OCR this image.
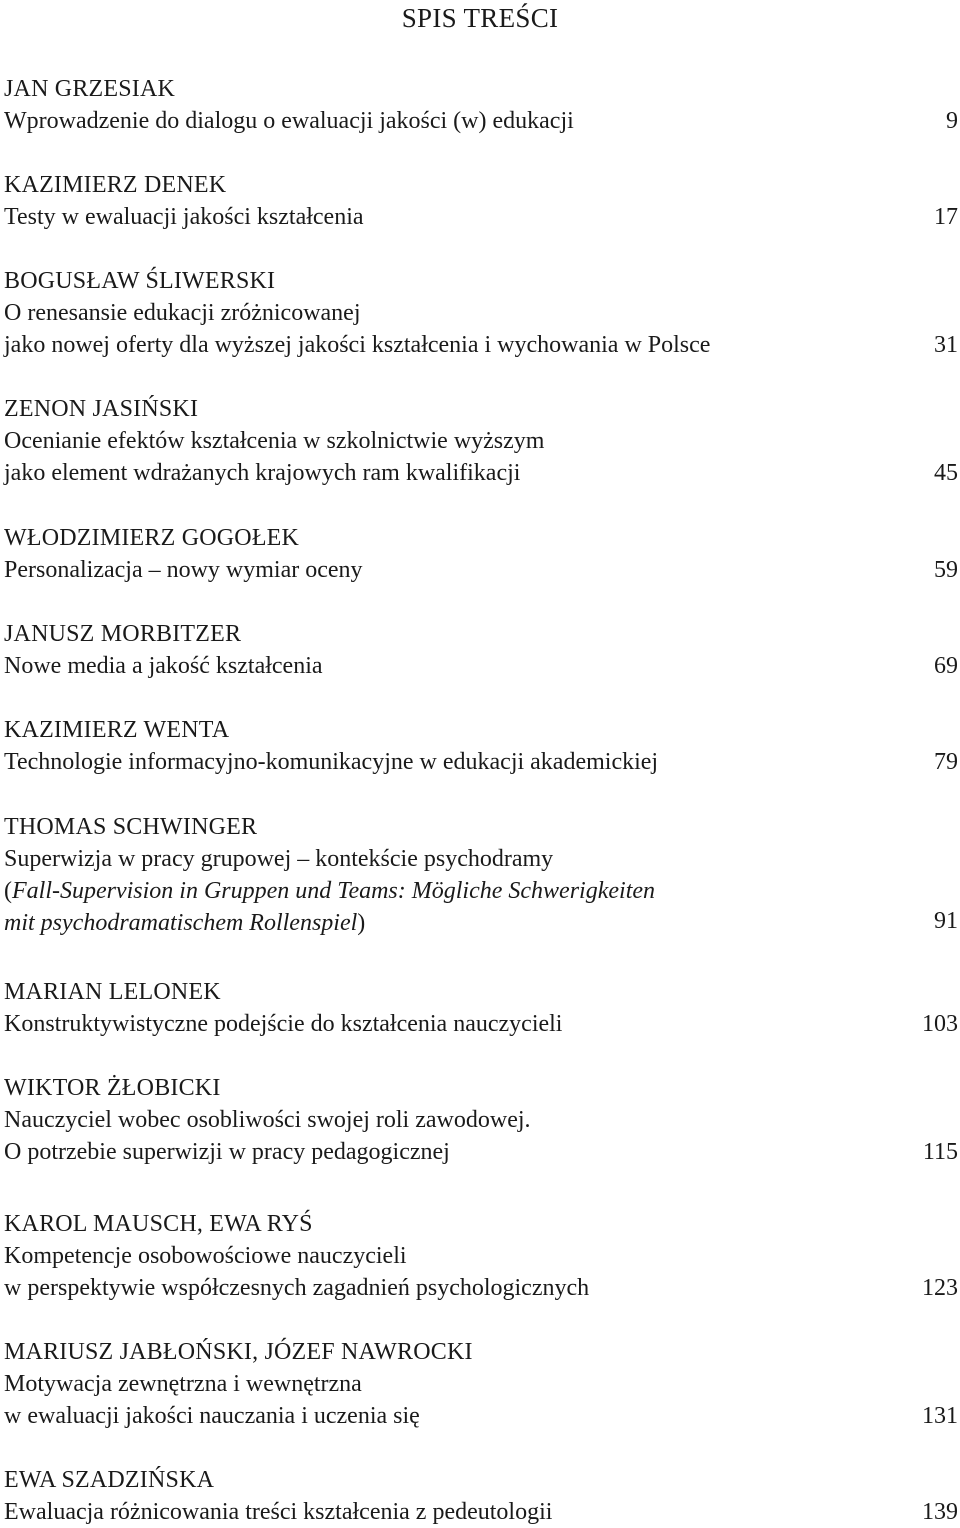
SPIS TREŚCI
JAN GRZESIAK
Wprowadzenie do dialogu o ewaluacji jakości (w) edukacji	9
KAZIMIERZ DENEK
Testy w ewaluacji jakości kształcenia	17
BOGUSŁAW ŚLIWERSKI
O renesansie edukacji zróżnicowanej
jako nowej oferty dla wyższej jakości kształcenia i wychowania w Polsce	31
ZENON JASIŃSKI
Ocenianie efektów kształcenia w szkolnictwie wyższym
jako element wdrażanych krajowych ram kwalifikacji	45
WŁODZIMIERZ GOGOŁEK
Personalizacja – nowy wymiar oceny	59
JANUSZ MORBITZER
Nowe media a jakość kształcenia	69
KAZIMIERZ WENTA
Technologie informacyjno-komunikacyjne w edukacji akademickiej	79
THOMAS SCHWINGER
Superwizja w pracy grupowej – kontekście psychodramy
(Fall-Supervision in Gruppen und Teams: Mögliche Schwerigkeiten
mit psychodramatischem Rollenspiel)	91
MARIAN LELONEK
Konstruktywistyczne podejście do kształcenia nauczycieli	103
WIKTOR ŻŁOBICKI
Nauczyciel wobec osobliwości swojej roli zawodowej.
O potrzebie superwizji w pracy pedagogicznej	115
KAROL MAUSCH, EWA RYŚ
Kompetencje osobowościowe nauczycieli
w perspektywie współczesnych zagadnień psychologicznych	123
MARIUSZ JABŁOŃSKI, JÓZEF NAWROCKI
Motywacja zewnętrzna i wewnętrzna
w ewaluacji jakości nauczania i uczenia się	131
EWA SZADZIŃSKA
Ewaluacja różnicowania treści kształcenia z pedeutologii	139
